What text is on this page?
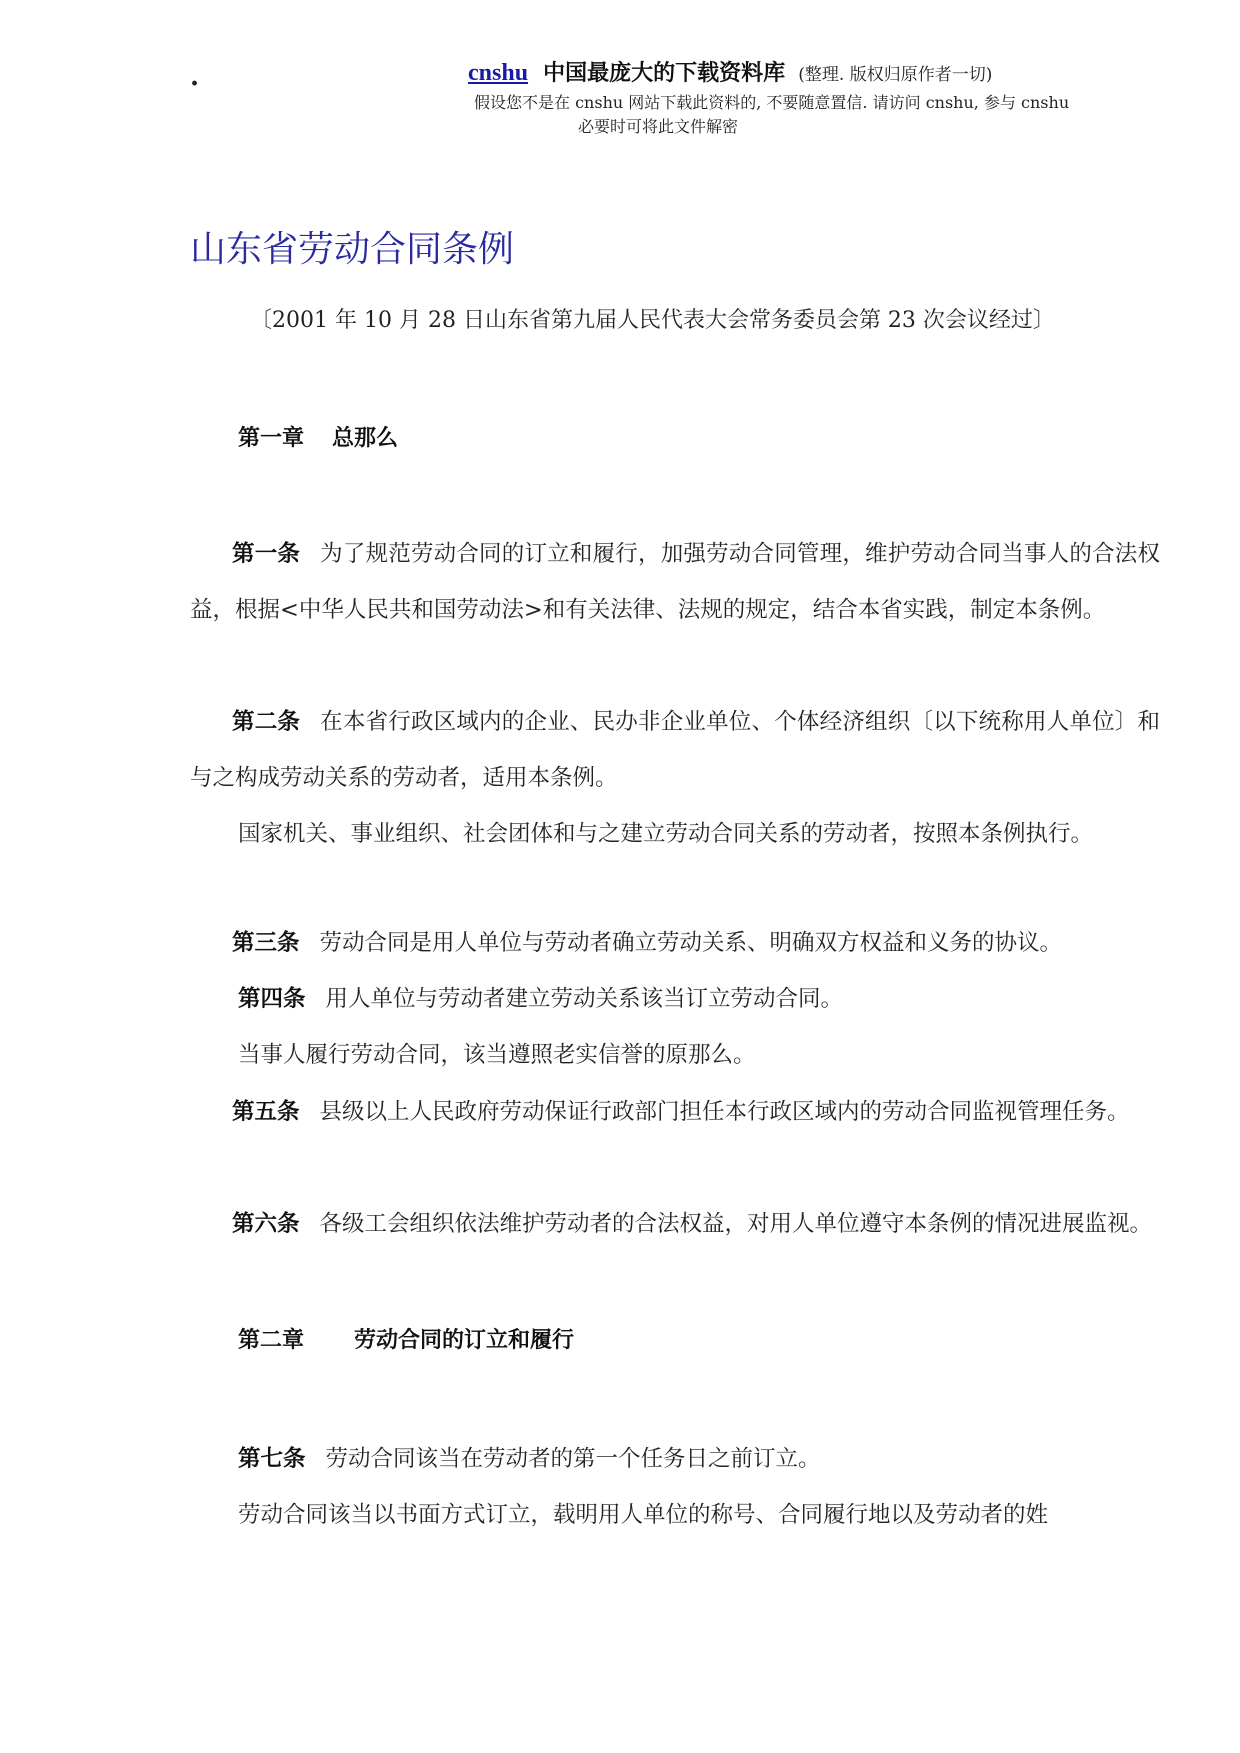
.	cnshu 中国最庞大的下载资料库 (整理. 版权归原作者一切)
假设您不是在 cnshu 网站下载此资料的, 不要随意置信. 请访问 cnshu, 参与 cnshu
必要时可将此文件解密
山东省劳动合同条例
〔2001 年 10 月 28 日山东省第九届人民代表大会常务委员会第 23 次会议经过〕
第一章 总那么

第一条 为了规范劳动合同的订立和履行，加强劳动合同管理，维护劳动合同当事人的合法权益，根据<中华人民共和国劳动法>和有关法律、法规的规定，结合本省实践，制定本条例。

第二条 在本省行政区域内的企业、民办非企业单位、个体经济组织〔以下统称用人单位〕和与之构成劳动关系的劳动者，适用本条例。

国家机关、事业组织、社会团体和与之建立劳动合同关系的劳动者，按照本条例执行。

第三条 劳动合同是用人单位与劳动者确立劳动关系、明确双方权益和义务的协议。
第四条 用人单位与劳动者建立劳动关系该当订立劳动合同。
当事人履行劳动合同，该当遵照老实信誉的原那么。

第五条 县级以上人民政府劳动保证行政部门担任本行政区域内的劳动合同监视管理任务。

第六条 各级工会组织依法维护劳动者的合法权益，对用人单位遵守本条例的情况进展监视。

第二章 劳动合同的订立和履行
第七条 劳动合同该当在劳动者的第一个任务日之前订立。
劳动合同该当以书面方式订立，载明用人单位的称号、合同履行地以及劳动者的姓
